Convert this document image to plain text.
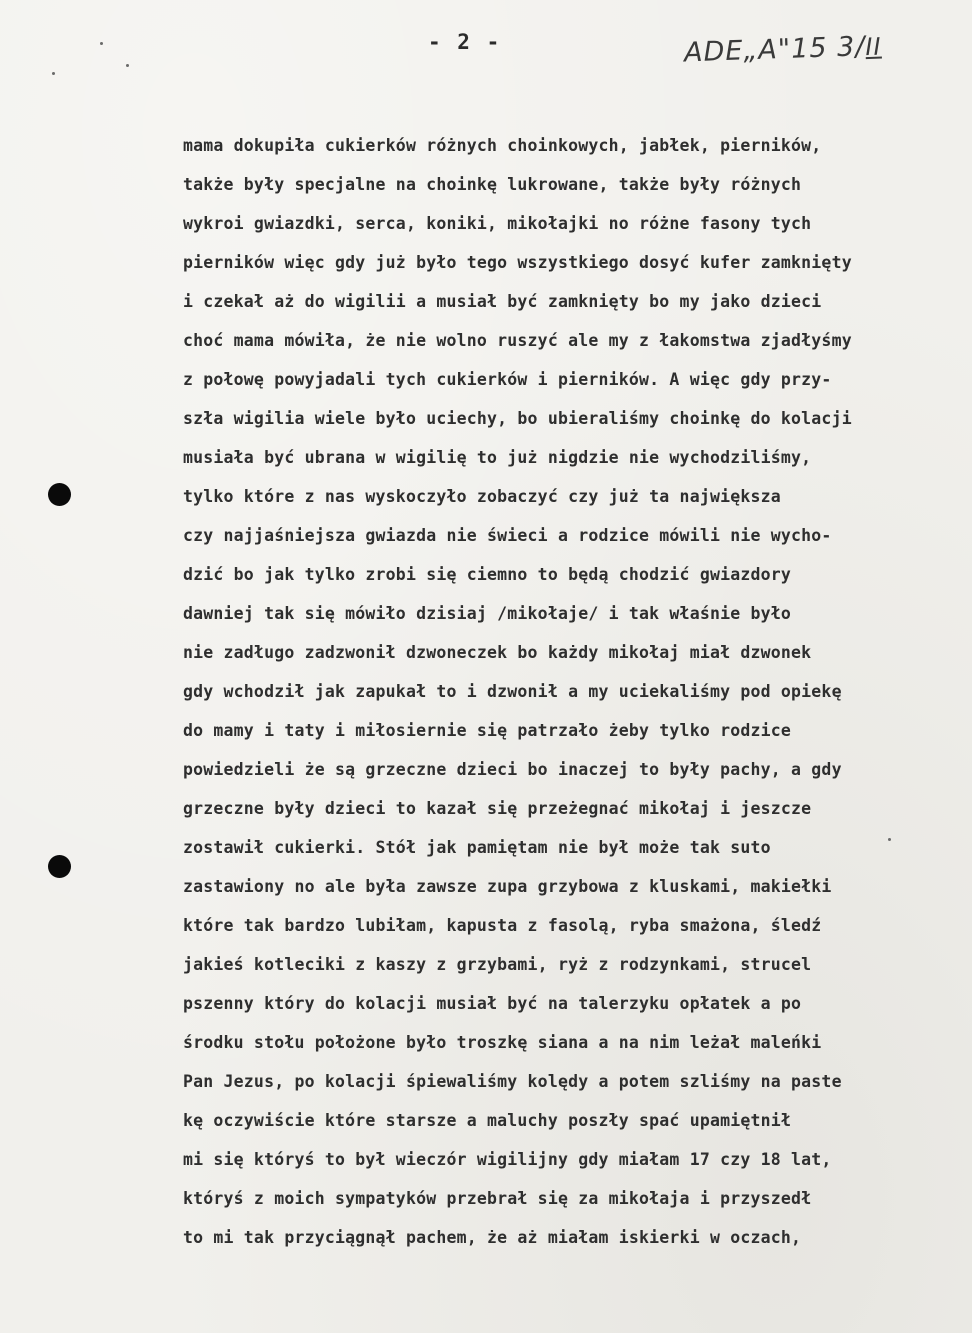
- 2 -	ADE„A"15 3/II
mama dokupiła cukierków różnych choinkowych, jabłek, pierników,
także były specjalne na choinkę lukrowane, także były różnych
wykroi gwiazdki, serca, koniki, mikołajki no różne fasony tych
pierników więc gdy już było tego wszystkiego dosyć kufer zamknięty
i czekał aż do wigilii a musiał być zamknięty bo my jako dzieci
choć mama mówiła, że nie wolno ruszyć ale my z łakomstwa zjadłyśmy
z połowę powyjadali tych cukierków i pierników. A więc gdy przy-
szła wigilia wiele było uciechy, bo ubieraliśmy choinkę do kolacji
musiała być ubrana w wigilię to już nigdzie nie wychodziliśmy,
tylko które z nas wyskoczyło zobaczyć czy już ta największa
czy najjaśniejsza gwiazda nie świeci a rodzice mówili nie wycho-
dzić bo jak tylko zrobi się ciemno to będą chodzić gwiazdory
dawniej tak się mówiło dzisiaj /mikołaje/ i tak właśnie było
nie zadługo zadzwonił dzwoneczek bo każdy mikołaj miał dzwonek
gdy wchodził jak zapukał to i dzwonił a my uciekaliśmy pod opiekę
do mamy i taty i miłosiernie się patrzało żeby tylko rodzice
powiedzieli że są grzeczne dzieci bo inaczej to były pachy, a gdy
grzeczne były dzieci to kazał się przeżegnać mikołaj i jeszcze
zostawił cukierki. Stół jak pamiętam nie był może tak suto
zastawiony no ale była zawsze zupa grzybowa z kluskami, makiełki
które tak bardzo lubiłam, kapusta z fasolą, ryba smażona, śledź
jakieś kotleciki z kaszy z grzybami, ryż z rodzynkami, strucel
pszenny który do kolacji musiał być na talerzyku opłatek a po
środku stołu położone było troszkę siana a na nim leżał maleńki
Pan Jezus, po kolacji śpiewaliśmy kolędy a potem szliśmy na paste
kę oczywiście które starsze a maluchy poszły spać upamiętnił
mi się któryś to był wieczór wigilijny gdy miałam 17 czy 18 lat,
któryś z moich sympatyków przebrał się za mikołaja i przyszedł
to mi tak przyciągnął pachem, że aż miałam iskierki w oczach,
